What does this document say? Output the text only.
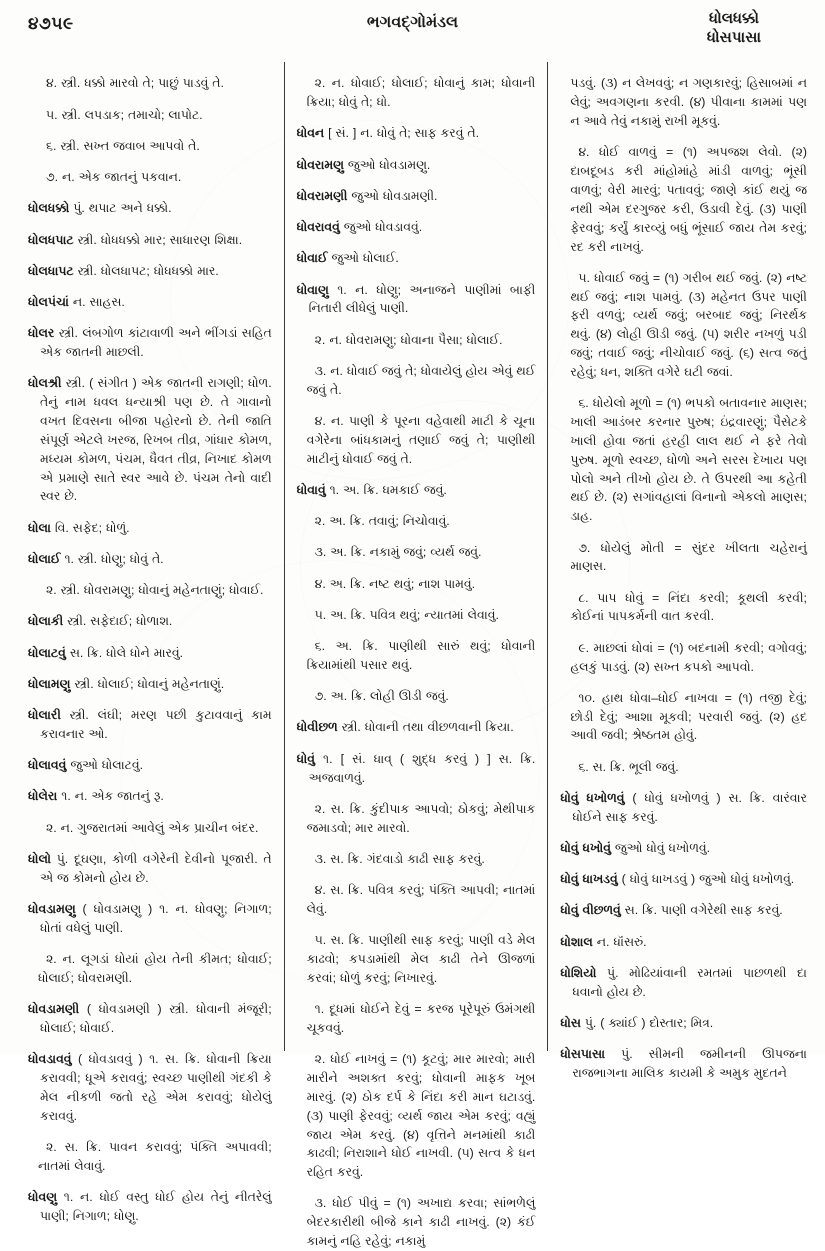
૪૭૫૯	ભગવદ્‌ગોમંડલ	ધોલધક્કો
ધોસપાસા

૪. સ્ત્રી. ધક્કો મારવો તે; પાછું પાડવું તે.

૫. સ્ત્રી. લપડાક; તમાચો; લાપોટ.

૬. સ્ત્રી. સખ્ત જવાબ આપવો તે.

૭. ન. એક જાતનું પકવાન.

ધોલધક્કો પું. થપાટ અને ધક્કો.

ધોલધપાટ સ્ત્રી. ધોધધક્કો માર; સાધારણ શિક્ષા.

ધોલધાપટ સ્ત્રી. ધોલધાપટ; ધોધધક્કો માર.

ધોલપંચાં ન. સાહસ.

ધોલર સ્ત્રી. લંબગોળ કાંટાવાળી અને ભીંગડાં સહિત એક જાતની માછલી.

ધોલશ્રી સ્ત્રી. ( સંગીત ) એક જાતની રાગણી; ધોળ. તેનું નામ ધવલ ધન્યાશ્રી પણ છે. તે ગાવાનો વખત દિવસના બીજા પહોરનો છે. તેની જાતિ સંપૂર્ણ એટલે ખરજ, રિખબ તીવ્ર, ગાંધાર કોમળ, મધ્યમ કોમળ, પંચમ, ધૈવત તીવ્ર, નિખાદ કોમળ એ પ્રમાણે સાતે સ્વર આવે છે. પંચમ તેનો વાદી સ્વર છે.

ધોલા વિ. સફેદ; ધોળું.

ધોલાઈ ૧. સ્ત્રી. ધોણુ; ધોવું તે.

૨. સ્ત્રી. ધોવરામણુ; ધોવાનું મહેનતાણું; ધોવાઈ.

ધોલાકી સ્ત્રી. સફેદાઈ; ધોળાશ.

ધોલાટવું સ. ક્રિ. ધોલે ધોને મારવું.

ધોલામણુ સ્ત્રી. ધોલાઈ; ધોવાનું મહેનતાણું.

ધોલારી સ્ત્રી. લંઘી; મરણ પછી કુટાવવાનું કામ કરાવનાર ઓ.

ધોલાવવું જુઓ ધોલાટવું.

ધોલેરા ૧. ન. એક જાતનું રૂ.

૨. ન. ગુજરાતમાં આવેલું એક પ્રાચીન બંદર.

ધોલો પું. દૂઘણા, કોળી વગેરેની દેવીનો પૂજારી. તે એ જ કોમનો હોય છે.

ધોવડામણુ ( ધોવડામણુ ) ૧. ન. ધોવણુ; નિગાળ; ધોતાં વધેલું પાણી.

૨. ન. લૂગડાં ધોયાં હોય તેની કીમત; ધોવાઈ; ધોલાઈ; ધોવરામણી.

ધોવડામણી ( ધોવડામણી ) સ્ત્રી. ધોવાની મંજૂરી; ધોલાઈ; ધોવાઈ.

ધોવડાવવું ( ધોવડાવવું ) ૧. સ. ક્રિ. ધોવાની ક્રિયા કરાવવી; ધૂએ કરાવવું; સ્વચ્છ પાણીથી ગંદકી કે મેલ નીકળી જતો રહે એમ કરાવવું; ધોયેલું કરાવવું.

૨. સ. ક્રિ. પાવન કરાવવું; પંક્તિ અપાવવી; નાતમાં લેવાવું.

ધોવણુ ૧. ન. ધોઈ વસ્તુ ધોઈ હોય તેનું નીતરેલું પાણી; નિગાળ; ધોણુ.

૨. ન. ધોવાઈ; ધોલાઈ; ધોવાનું કામ; ધોવાની ક્રિયા; ધોવું તે; ધો.

ધોવન [ સં. ] ન. ધોવું તે; સાફ કરવું તે.

ધોવરામણુ જુઓ ધોવડામણુ.

ધોવરામણી જુઓ ધોવડામણી.

ધોવરાવવું જુઓ ધોવડાવવું.

ધોવાઈ જુઓ ધોલાઈ.

ધોવાણુ ૧. ન. ધોણુ; અનાજને પાણીમાં બાફી નિતારી લીધેલું પાણી.

૨. ન. ધોવરામણુ; ધોવાના પૈસા; ધોલાઈ.

૩. ન. ધોવાઈ જવું તે; ધોવાયેલું હોય એવું થઈ જવું તે.

૪. ન. પાણી કે પૂરના વહેવાથી માટી કે ચૂના વગેરેના બાંધકામનું તણાઈ જવું તે; પાણીથી માટીનું ધોવાઈ જવું તે.

ધોવાવું ૧. અ. ક્રિ. ધમકાઈ જવું.

૨. અ. ક્રિ. તવાવું; નિચોવાવું.

૩. અ. ક્રિ. નકામું જવું; વ્યર્થ જવું.

૪. અ. ક્રિ. નષ્ટ થવું; નાશ પામવું.

૫. અ. ક્રિ. પવિત્ર થવું; ન્યાતમાં લેવાવું.

૬. અ. ક્રિ. પાણીથી સારું થવું; ધોવાની ક્રિયામાંથી પસાર થવું.

૭. અ. ક્રિ. લોહી ઊડી જવું.

ધોવીછળ સ્ત્રી. ધોવાની તથા વીછળવાની ક્રિયા.

ધોવું ૧. [ સં. ધાવ્ ( શુદ્ધ કરવું ) ] સ. ક્રિ. અજવાળવું.

૨. સ. ક્રિ. કુંદીપાક આપવો; ઠોકવું; મેથીપાક જમાડવો; માર મારવો.

૩. સ. ક્રિ. ગંદવાડો કાઢી સાફ કરવું.

૪. સ. ક્રિ. પવિત્ર કરવું; પંક્તિ આપવી; નાતમાં લેવું.

૫. સ. ક્રિ. પાણીથી સાફ કરવું; પાણી વડે મેલ કાઢવો; કપડામાંથી મેલ કાઢી તેને ઊજળાં કરવાં; ધોળું કરવું; નિખારવું.

૧. દૂધમાં ધોઈને દેવું = કરજ પૂરેપૂરું ઉમંગથી ચૂકવવું.

૨. ધોઈ નાખવું = (૧) કૂટવું; માર મારવો; મારી મારીને અશક્ત કરવું; ધોવાની માફક ખૂબ મારવું. (૨) ઠોક દર્પ કે નિંદા કરી માન ઘટાડવું. (૩) પાણી ફેરવવું; વ્યર્થ જાય એમ કરવું; વહ્યું જાય એમ કરવું. (૪) વૃત્તિને મનમાંથી કાઢી કાઢવી; નિરાશાને ધોઈ નાખવી. (૫) સત્વ કે ધન રહિત કરવું.

૩. ધોઈ પીવું = (૧) અખાદ્ય કરવા; સાંભળેલું બેદરકારીથી બીજે કાને કાઢી નાખવું. (૨) કંઈ કામનું નહિ રહેવું; નકામું

પડવું. (૩) ન લેખવવું; ન ગણકારવું; હિસાબમાં ન લેવું; અવગણના કરવી. (૪) પીવાના કામમાં પણ ન આવે તેવું નકામું રાખી મૂકવું.

૪. ધોઈ વાળવું = (૧) અપજશ લેવો. (૨) દાબદૂબડ કરી માંહોમાંહે માંડી વાળવું; ભૂંસી વાળવું; વેરી મારવું; પતાવવું; જાણે કાંઈ થયું જ નથી એમ દરગુજર કરી, ઉડાવી દેવું. (૩) પાણી ફેરવવું; કર્યું કારવ્યું બધું ભૂંસાઈ જાય તેમ કરવું; રદ કરી નાખવું.

૫. ધોવાઈ જવું = (૧) ગરીબ થઈ જવું. (૨) નષ્ટ થઈ જવું; નાશ પામવું. (૩) મહેનત ઉપર પાણી ફરી વળવું; વ્યર્થ જવું; બરબાદ જવું; નિરર્થક થવું. (૪) લોહી ઊડી જવું. (૫) શરીર નખળું પડી જવું; તવાઈ જવું; નીચોવાઈ જવું. (૬) સત્વ જતું રહેવું; ધન, શક્તિ વગેરે ઘટી જવાં.

૬. ધોયેલો મૂળો = (૧) ભપકો બતાવનાર માણસ; ખાલી આડંબર કરનાર પુરુષ; ઇંદ્રવારણું; પૈસેટકે ખાલી હોવા જતાં હરહી લાલ થઈ ને ફરે તેવો પુરુષ. મૂળો સ્વચ્છ, ધોળો અને સરસ દેખાય પણ પોલો અને તીખો હોય છે. તે ઉપરથી આ કહેતી થઈ છે. (૨) સગાંવહાલાં વિનાનો એકલો માણસ; ડાહ.

૭. ધોયેલું મોતી = સુંદર ખીલતા ચહેરાનું માણસ.

૮. પાપ ધોવું = નિંદા કરવી; કૂથલી કરવી; કોઈનાં પાપકર્મની વાત કરવી.

૯. માછલાં ધોવાં = (૧) બદનામી કરવી; વગોવવું; હલકું પાડવું. (૨) સખ્ત કપકો આપવો.

૧૦. હાથ ધોવા–ધોઈ નાખવા = (૧) તજી દેવું; છોડી દેવું; આશા મૂકવી; પરવારી જવું. (૨) હદ આવી જવી; શ્રેષ્ઠતમ હોવું.

૬. સ. ક્રિ. ભૂલી જવું.

ધોવું ધખોળવું ( ધોવું ધખોળવું ) સ. ક્રિ. વારંવાર ધોઈને સાફ કરવું.

ધોવું ધખોવું જુઓ ધોવું ધખોળવું.

ધોવું ધાખડવું ( ધોવું ધાખડવું ) જુઓ ધોવું ધખોળવું.

ધોવું વીછળવું સ. ક્રિ. પાણી વગેરેથી સાફ કરવું.

ધોશાલ ન. ધૉંસરું.

ધોશિયો પું. મોઢિયાંવાની રમતમાં પાછળથી દા ધવાનો હોય છે.

ધોસ પું. ( ક્યાંઈ ) દોસ્તાર; મિત્ર.

ધોસપાસા પું. સીમની જમીનની ઊપજના રાજભાગના માલિક કાયમી કે અમુક મુદતને
